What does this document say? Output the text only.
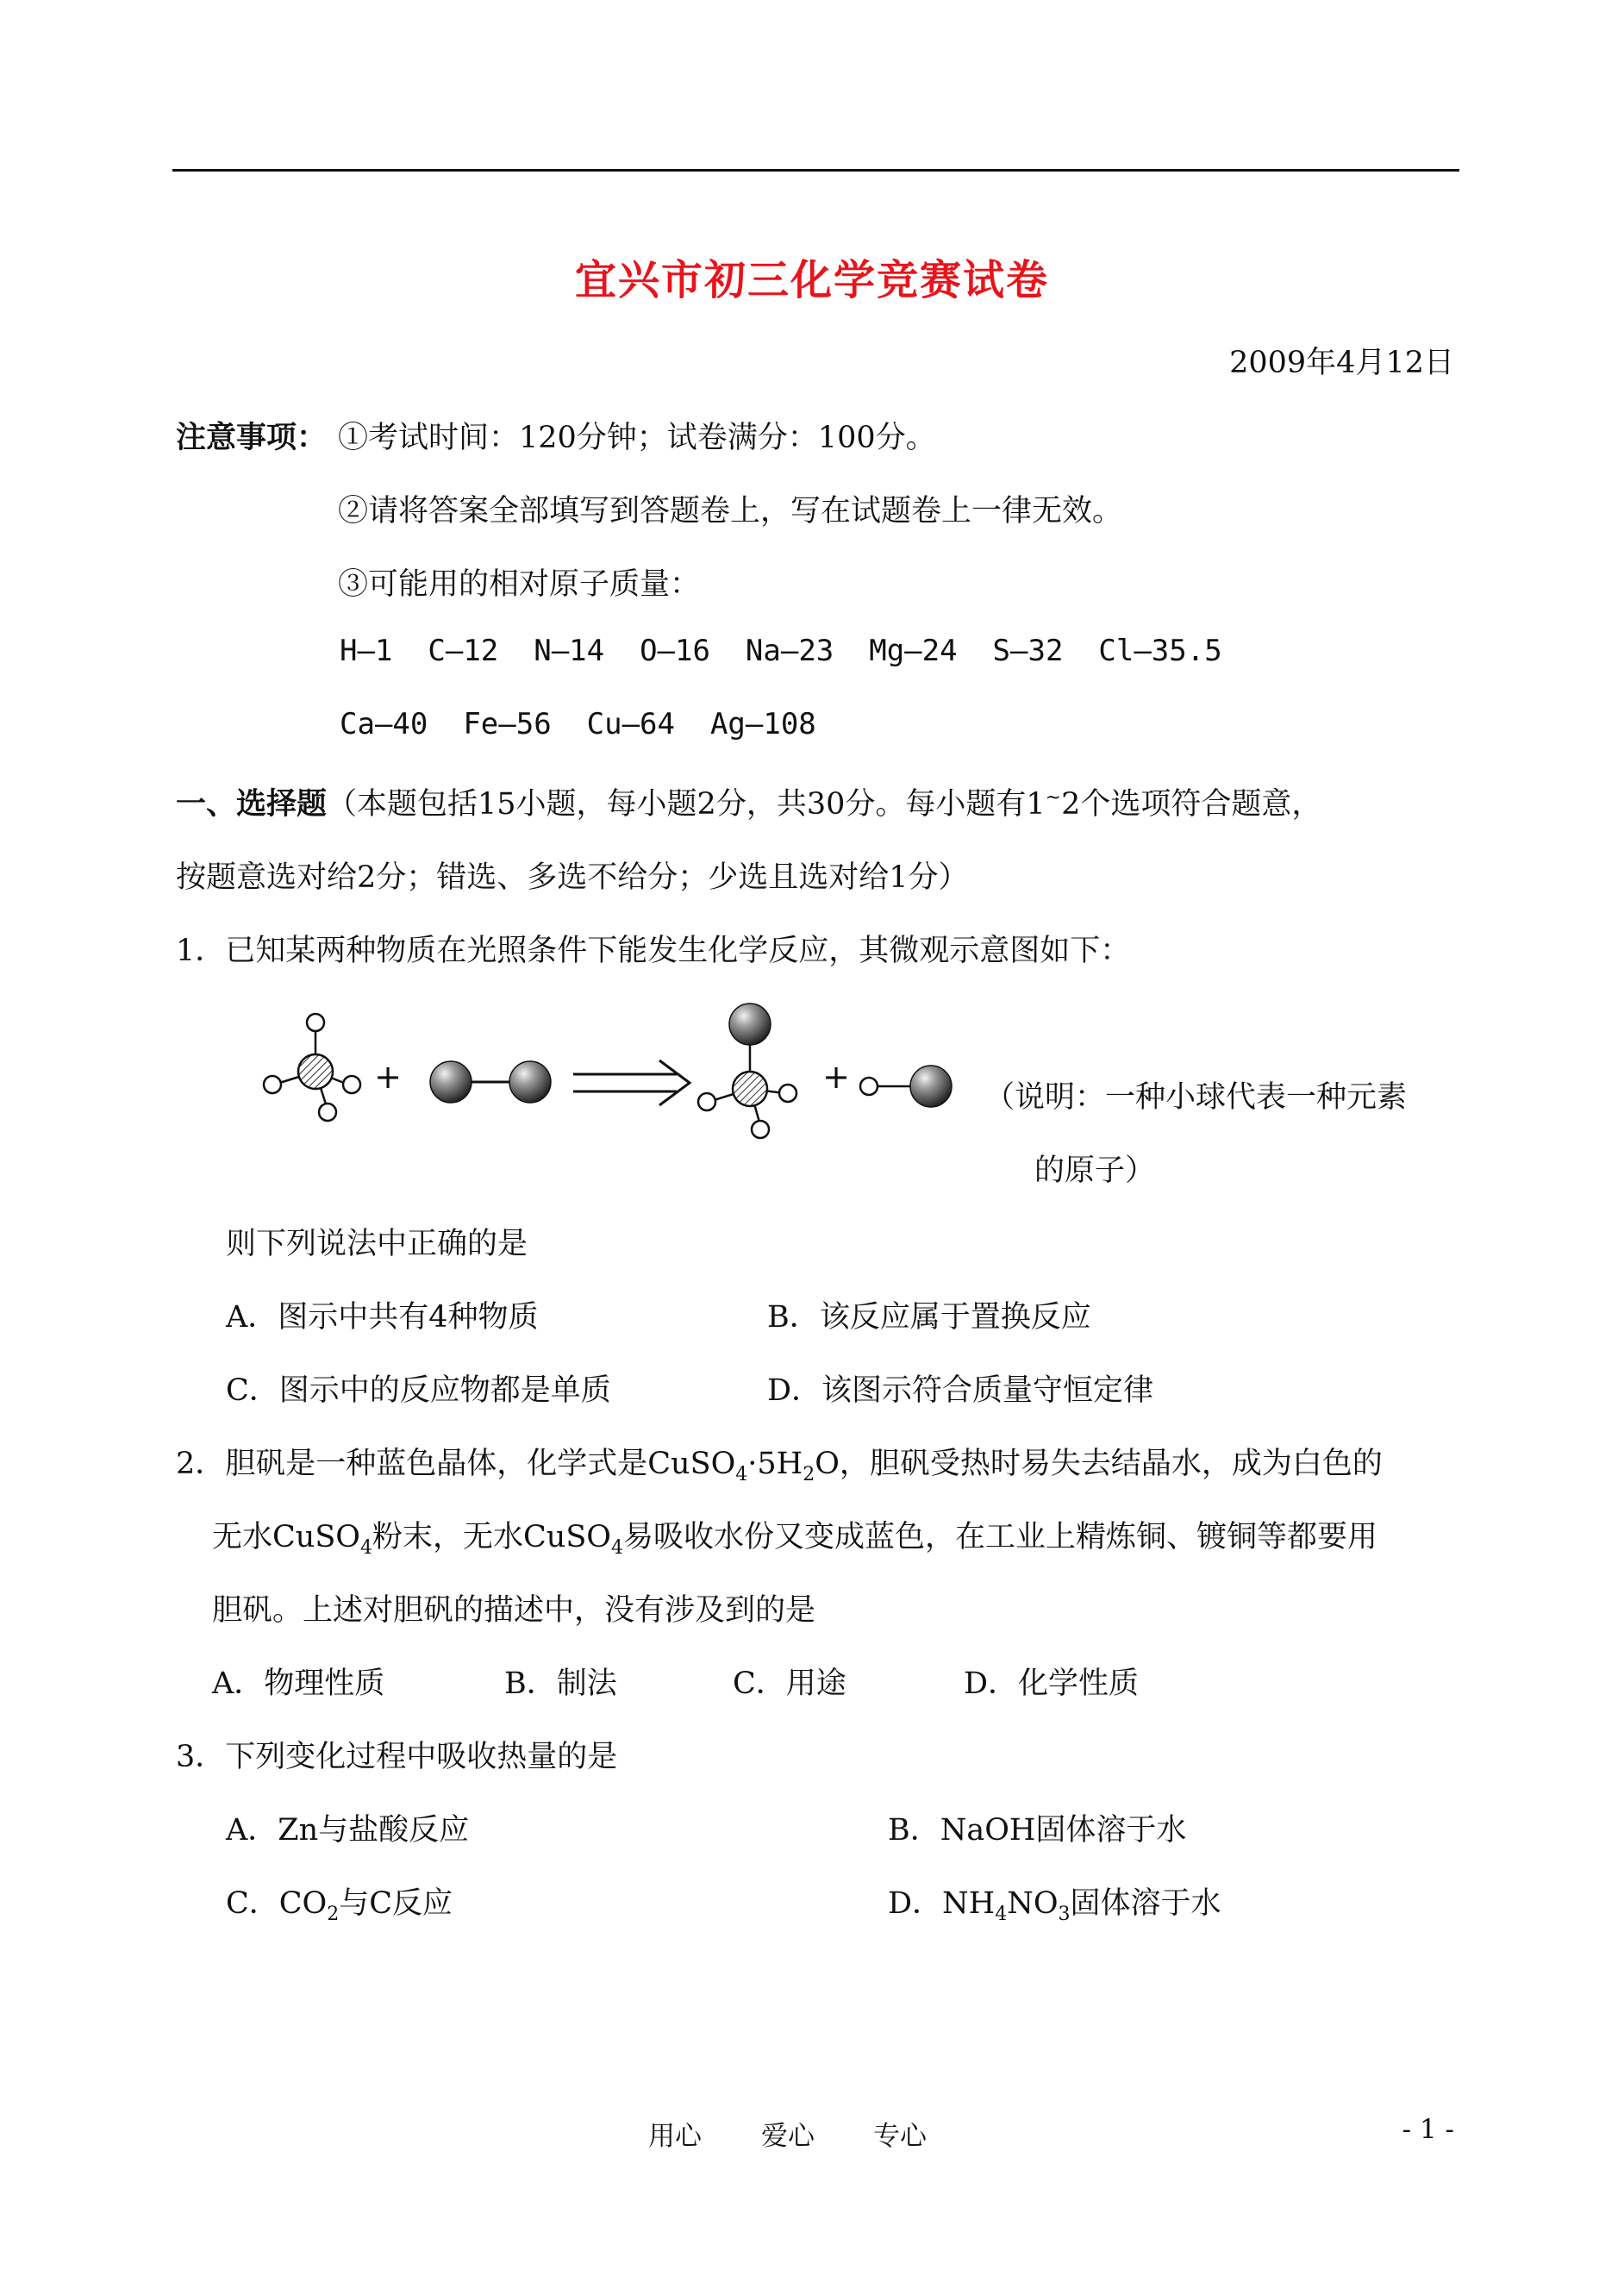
宜兴市初三化学竞赛试卷
2009年4月12日
注意事项： ①考试时间：120分钟；试卷满分：100分。
②请将答案全部填写到答题卷上，写在试题卷上一律无效。
③可能用的相对原子质量：
H—1 C—12 N—14 O—16 Na—23 Mg—24 S—32 Cl—35.5
Ca—40 Fe—56 Cu—64 Ag—108
一、选择题（本题包括15小题，每小题2分，共30分。每小题有1~2个选项符合题意，
按题意选对给2分；错选、多选不给分；少选且选对给1分）
1．已知某两种物质在光照条件下能发生化学反应，其微观示意图如下：
+	+
（说明：一种小球代表一种元素
的原子）
则下列说法中正确的是
A．图示中共有4种物质	B．该反应属于置换反应
C．图示中的反应物都是单质	D．该图示符合质量守恒定律
2．胆矾是一种蓝色晶体，化学式是$CuSO_4\cdot 5H_2O$，胆矾受热时易失去结晶水，成为白色的
无水CuSO$_4$粉末，无水CuSO$_4$易吸收水份又变成蓝色，在工业上精炼铜、镀铜等都要用
胆矾。上述对胆矾的描述中，没有涉及到的是
A．物理性质	B．制法	C．用途	D．化学性质
3．下列变化过程中吸收热量的是
A．Zn与盐酸反应	B．NaOH固体溶于水
C．$CO_2$与C反应	D．$NH_4NO_3$固体溶于水
用心 爱心 专心	- 1 -
